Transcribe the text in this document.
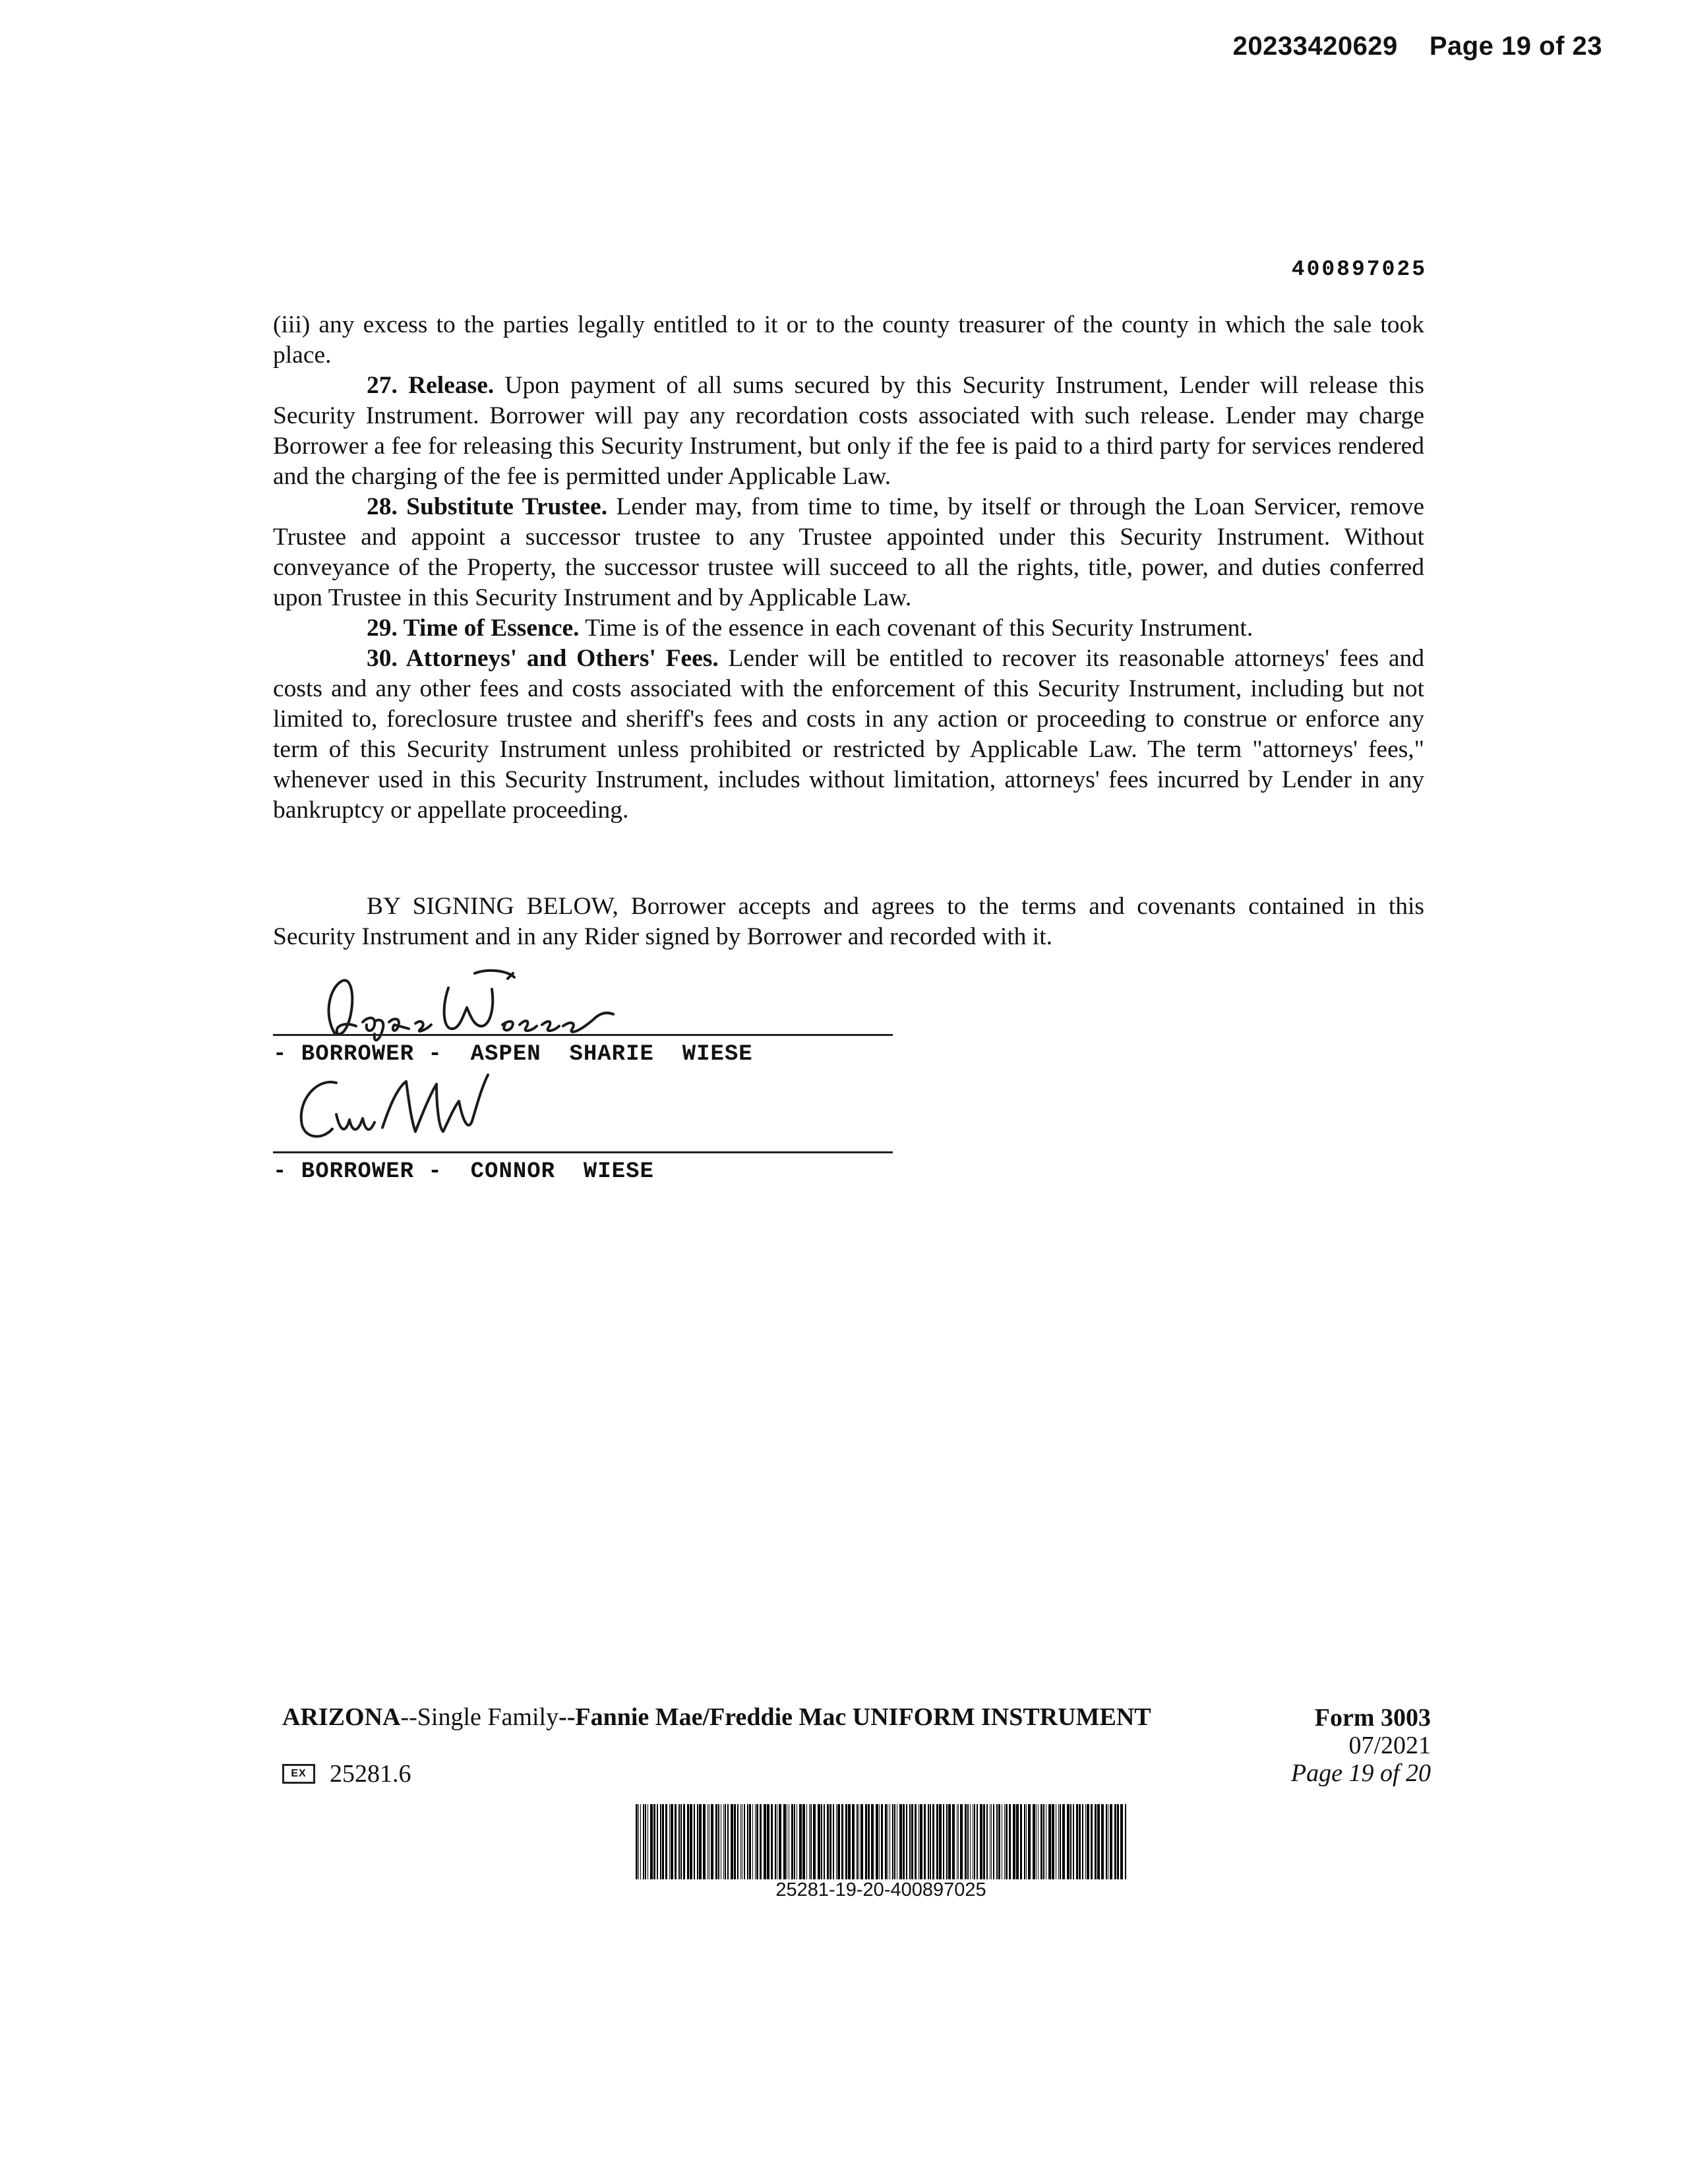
20233420629 Page 19 of 23
400897025

(iii) any excess to the parties legally entitled to it or to the county treasurer of the county in which the sale took place.

27. Release. Upon payment of all sums secured by this Security Instrument, Lender will release this Security Instrument. Borrower will pay any recordation costs associated with such release. Lender may charge Borrower a fee for releasing this Security Instrument, but only if the fee is paid to a third party for services rendered and the charging of the fee is permitted under Applicable Law.

28. Substitute Trustee. Lender may, from time to time, by itself or through the Loan Servicer, remove Trustee and appoint a successor trustee to any Trustee appointed under this Security Instrument. Without conveyance of the Property, the successor trustee will succeed to all the rights, title, power, and duties conferred upon Trustee in this Security Instrument and by Applicable Law.

29. Time of Essence. Time is of the essence in each covenant of this Security Instrument.

30. Attorneys' and Others' Fees. Lender will be entitled to recover its reasonable attorneys' fees and costs and any other fees and costs associated with the enforcement of this Security Instrument, including but not limited to, foreclosure trustee and sheriff's fees and costs in any action or proceeding to construe or enforce any term of this Security Instrument unless prohibited or restricted by Applicable Law. The term "attorneys' fees," whenever used in this Security Instrument, includes without limitation, attorneys' fees incurred by Lender in any bankruptcy or appellate proceeding.

BY SIGNING BELOW, Borrower accepts and agrees to the terms and covenants contained in this Security Instrument and in any Rider signed by Borrower and recorded with it.

- BORROWER -  ASPEN  SHARIE  WIESE
- BORROWER -  CONNOR  WIESE
ARIZONA--Single Family--Fannie Mae/Freddie Mac UNIFORM INSTRUMENT	Form 3003
07/2021
Page 19 of 20
EX 25281.6
25281-19-20-400897025
